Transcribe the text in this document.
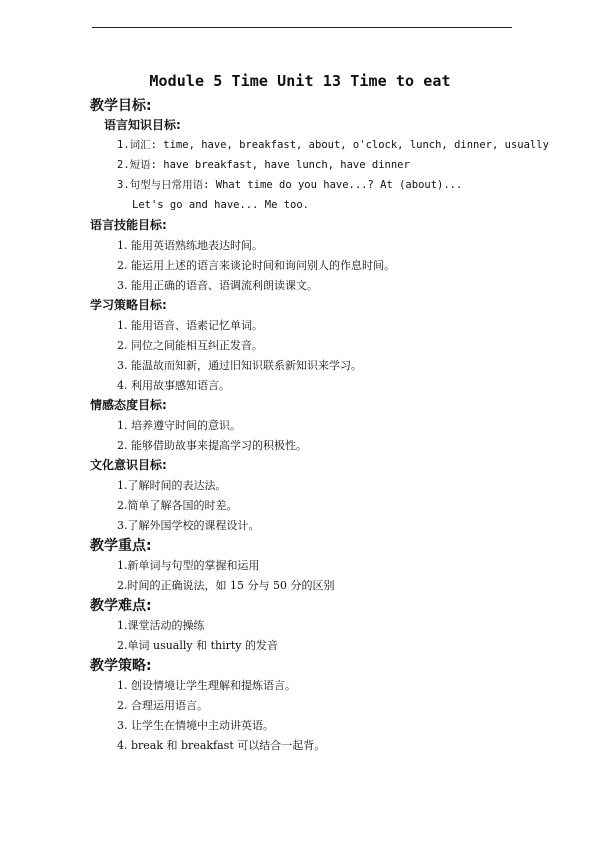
Module 5 Time Unit 13 Time to eat
教学目标:
语言知识目标:
1.词汇: time, have, breakfast, about, o'clock, lunch, dinner, usually
2.短语: have breakfast, have lunch, have dinner
3.句型与日常用语: What time do you have...? At (about)...
Let's go and have... Me too.
语言技能目标:
1. 能用英语熟练地表达时间。
2. 能运用上述的语言来谈论时间和询问别人的作息时间。
3. 能用正确的语音、语调流利朗读课文。
学习策略目标:
1. 能用语音、语素记忆单词。
2. 同位之间能相互纠正发音。
3. 能温故而知新，通过旧知识联系新知识来学习。
4. 利用故事感知语言。
情感态度目标:
1. 培养遵守时间的意识。
2. 能够借助故事来提高学习的积极性。
文化意识目标:
1.了解时间的表达法。
2.简单了解各国的时差。
3.了解外国学校的课程设计。
教学重点:
1.新单词与句型的掌握和运用
2.时间的正确说法，如 15 分与 50 分的区别
教学难点:
1.课堂活动的操练
2.单词 usually 和 thirty 的发音
教学策略:
1. 创设情境让学生理解和提炼语言。
2. 合理运用语言。
3. 让学生在情境中主动讲英语。
4. break 和 breakfast 可以结合一起背。
